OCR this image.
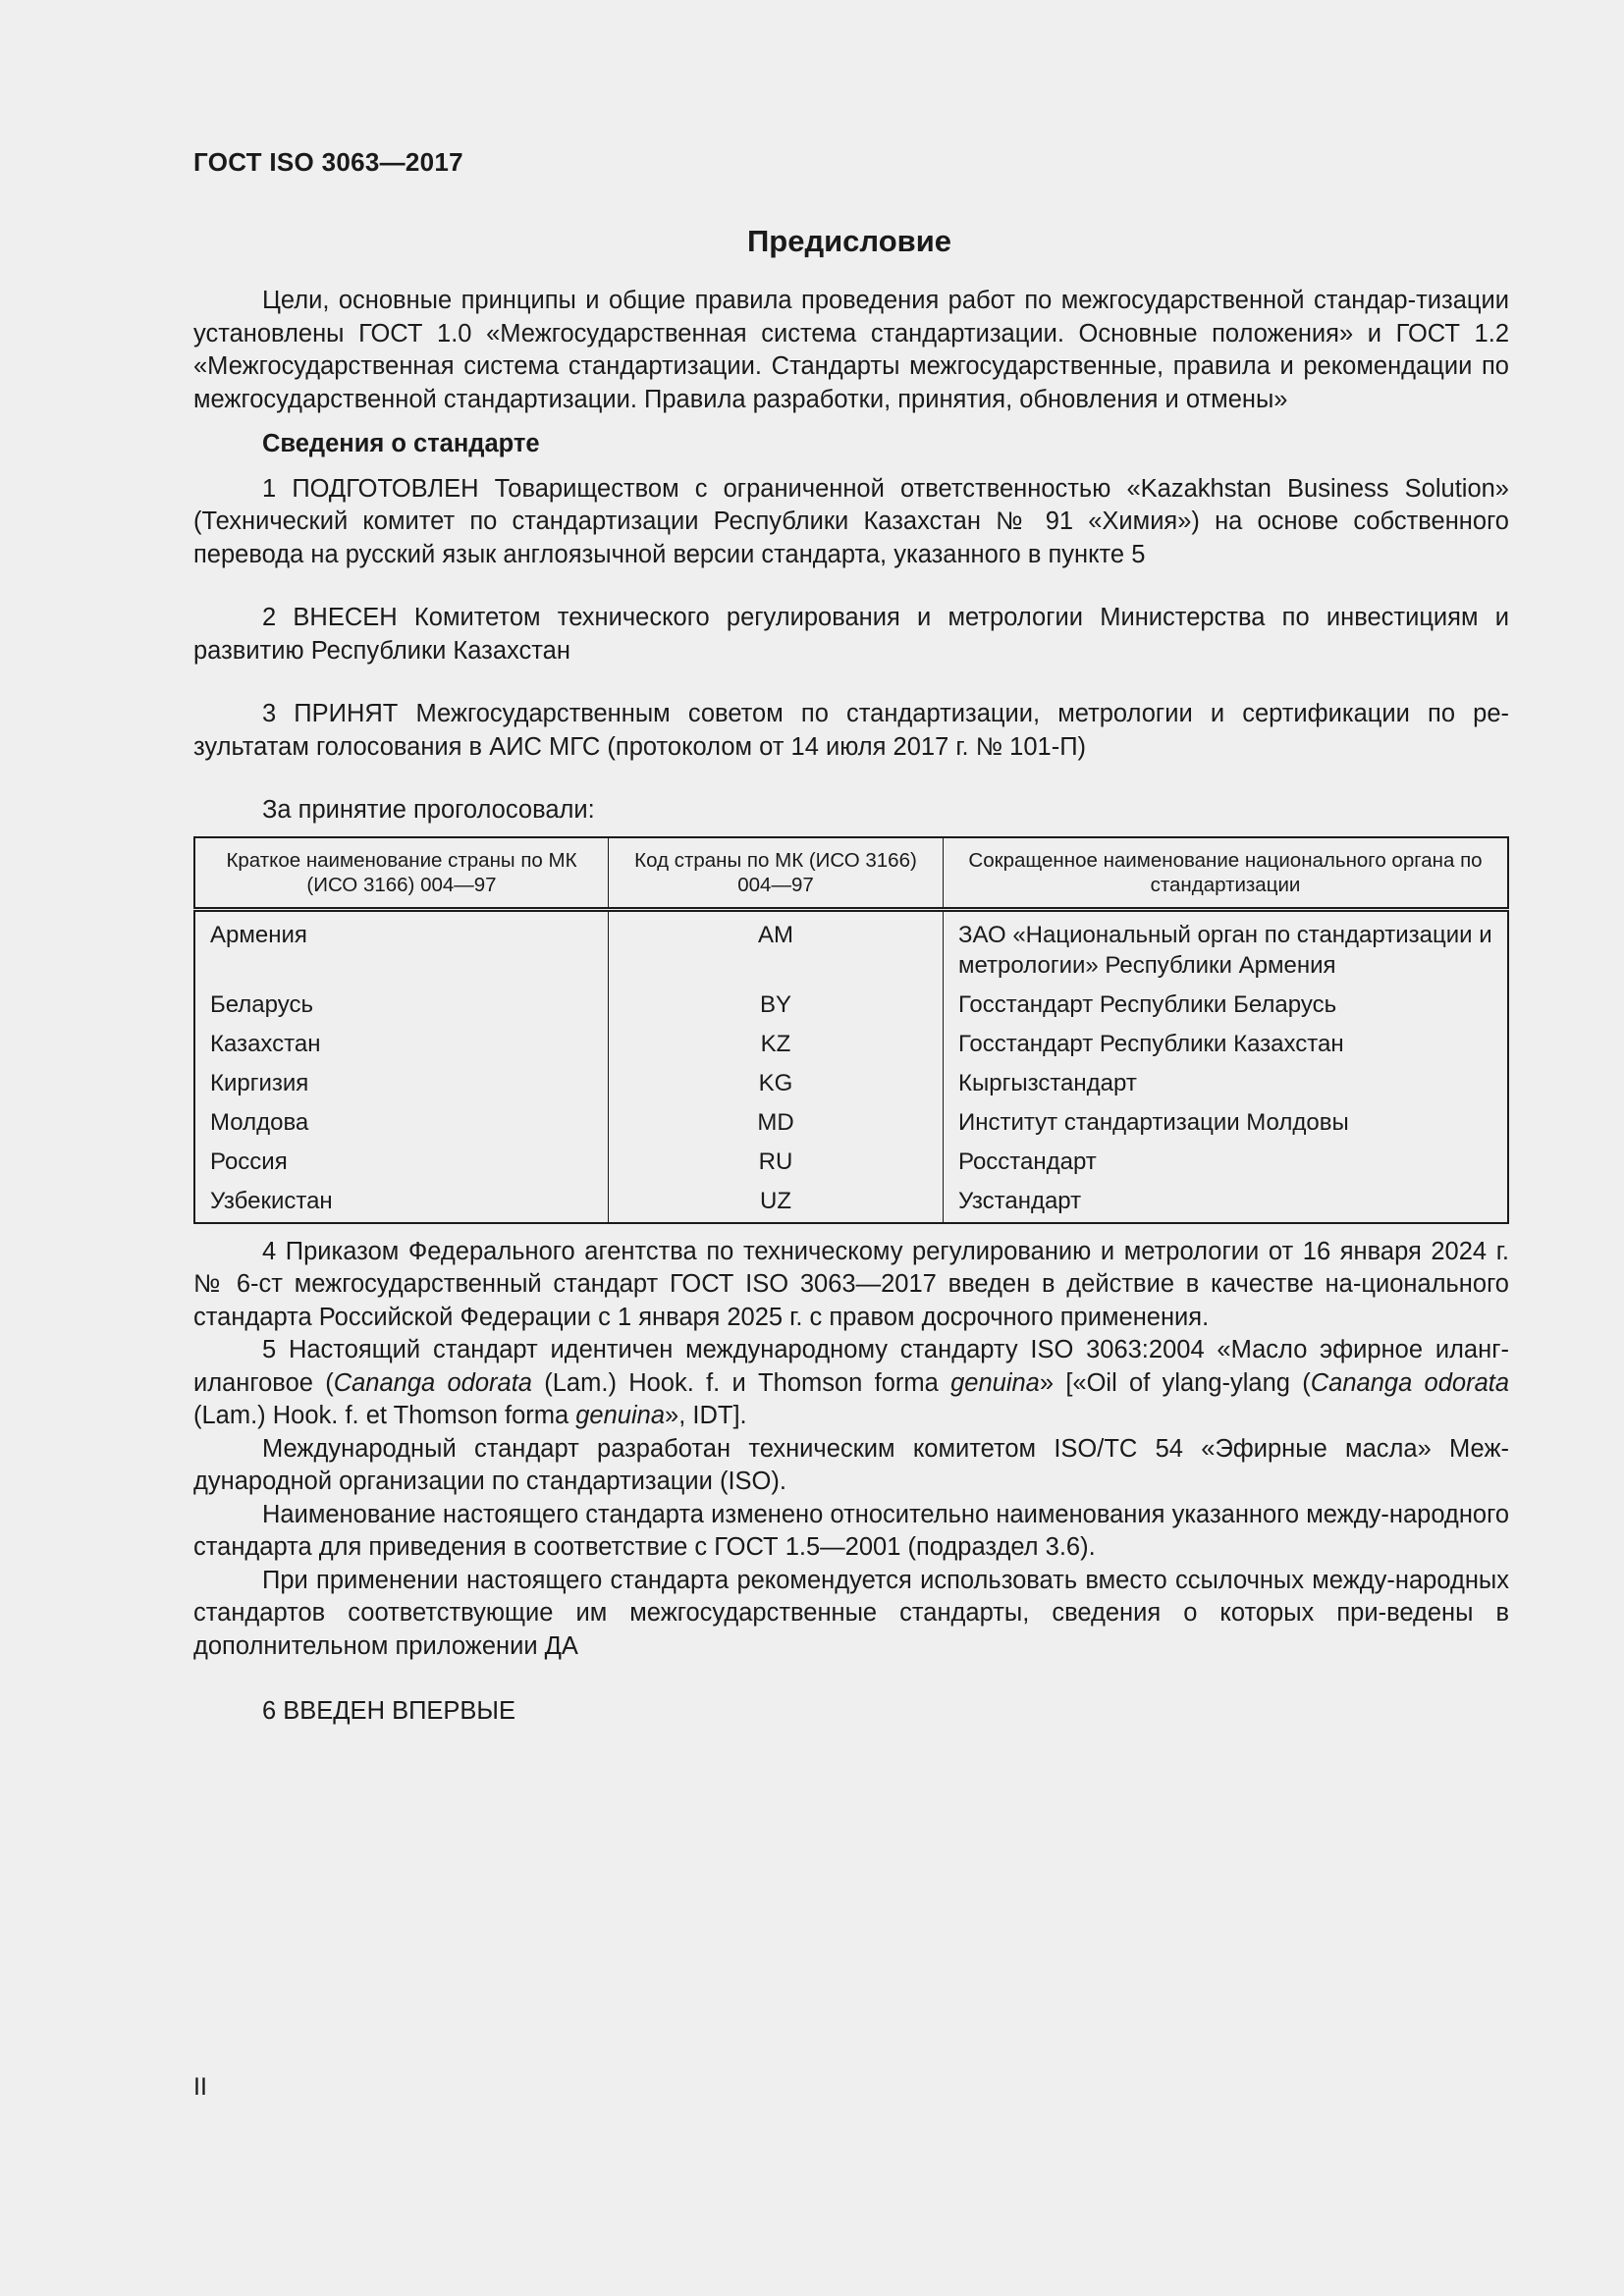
ГОСТ ISO 3063—2017
Предисловие

Цели, основные принципы и общие правила проведения работ по межгосударственной стандар-тизации установлены ГОСТ 1.0 «Межгосударственная система стандартизации. Основные положения» и ГОСТ 1.2 «Межгосударственная система стандартизации. Стандарты межгосударственные, правила и рекомендации по межгосударственной стандартизации. Правила разработки, принятия, обновления и отмены»

Сведения о стандарте

1 ПОДГОТОВЛЕН Товариществом с ограниченной ответственностью «Kazakhstan Business Solution» (Технический комитет по стандартизации Республики Казахстан № 91 «Химия») на основе собственного перевода на русский язык англоязычной версии стандарта, указанного в пункте 5

2 ВНЕСЕН Комитетом технического регулирования и метрологии Министерства по инвестициям и развитию Республики Казахстан

3 ПРИНЯТ Межгосударственным советом по стандартизации, метрологии и сертификации по ре-зультатам голосования в АИС МГС (протоколом от 14 июля 2017 г. № 101-П)

За принятие проголосовали:

Краткое наименование страны по МК (ИСО 3166) 004—97	Код страны по МК (ИСО 3166) 004—97	Сокращенное наименование национального органа по стандартизации
Армения	AM	ЗАО «Национальный орган по стандартизации и метрологии» Республики Армения
Беларусь	BY	Госстандарт Республики Беларусь
Казахстан	KZ	Госстандарт Республики Казахстан
Киргизия	KG	Кыргызстандарт
Молдова	MD	Институт стандартизации Молдовы
Россия	RU	Росстандарт
Узбекистан	UZ	Узстандарт

4 Приказом Федерального агентства по техническому регулированию и метрологии от 16 января 2024 г. № 6-ст межгосударственный стандарт ГОСТ ISO 3063—2017 введен в действие в качестве на-ционального стандарта Российской Федерации с 1 января 2025 г. с правом досрочного применения.

5 Настоящий стандарт идентичен международному стандарту ISO 3063:2004 «Масло эфирное иланг-иланговое (Cananga odorata (Lam.) Hook. f. и Thomson forma genuina» [«Oil of ylang-ylang (Cananga odorata (Lam.) Hook. f. et Thomson forma genuina», IDT].

Международный стандарт разработан техническим комитетом ISO/TC 54 «Эфирные масла» Меж-дународной организации по стандартизации (ISO).

Наименование настоящего стандарта изменено относительно наименования указанного между-народного стандарта для приведения в соответствие с ГОСТ 1.5—2001 (подраздел 3.6).

При применении настоящего стандарта рекомендуется использовать вместо ссылочных между-народных стандартов соответствующие им межгосударственные стандарты, сведения о которых при-ведены в дополнительном приложении ДА

6 ВВЕДЕН ВПЕРВЫЕ

II
